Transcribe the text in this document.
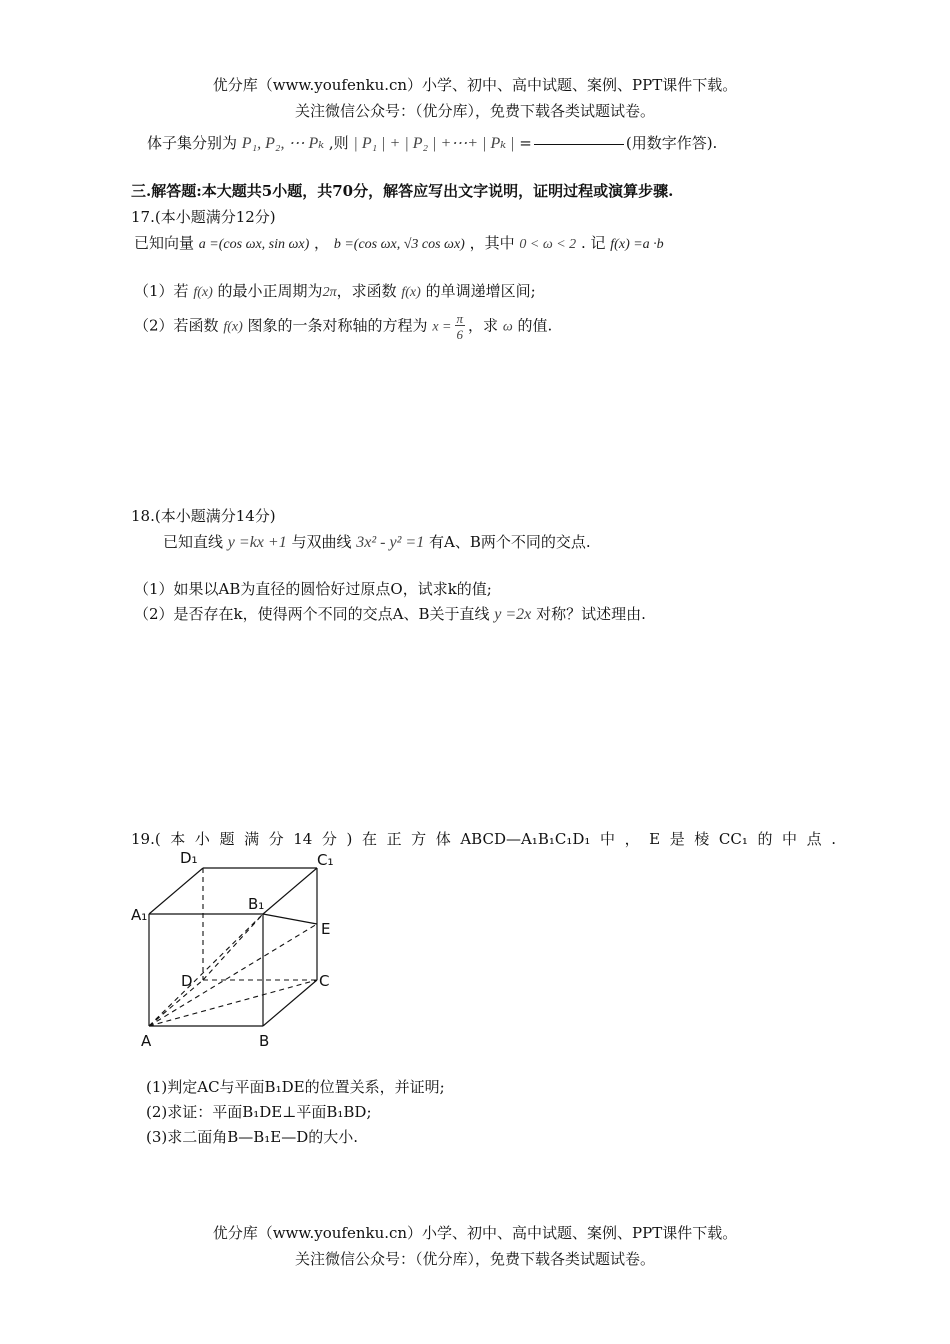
优分库（www.youfenku.cn）小学、初中、高中试题、案例、PPT课件下载。
关注微信公众号：（优分库），免费下载各类试题试卷。
体子集分别为 P₁, P₂, ⋯ Pₖ ,则 | P₁ | + | P₂ | +⋯+ | Pₖ | =	(用数字作答).
三.解答题:本大题共5小题，共70分，解答应写出文字说明，证明过程或演算步骤.
17.(本小题满分12分)
已知向量 a =(cos ωx, sin ωx) ， b =(cos ωx, √3 cos ωx) ，其中 0 < ω < 2 . 记 f(x) =a ·b
（1）若 f(x) 的最小正周期为2π，求函数 f(x) 的单调递增区间;
（2）若函数 f(x) 图象的一条对称轴的方程为 $x = \frac{\pi}{6}$ ，求 ω 的值.
18.(本小题满分14分)
已知直线 y =kx +1 与双曲线 3x² - y² =1 有A、B两个不同的交点.
（1）如果以AB为直径的圆恰好过原点O，试求k的值;
（2）是否存在k，使得两个不同的交点A、B关于直线 y =2x 对称？试述理由.
19.(本小题满分14分)在正方体ABCD—A₁B₁C₁D₁中，E是棱CC₁的中点.
D₁	C₁
A₁
B₁
E
D	C
A	B
(1)判定AC与平面B₁DE的位置关系，并证明;
(2)求证：平面B₁DE⊥平面B₁BD;
(3)求二面角B—B₁E—D的大小.
优分库（www.youfenku.cn）小学、初中、高中试题、案例、PPT课件下载。
关注微信公众号：（优分库），免费下载各类试题试卷。
